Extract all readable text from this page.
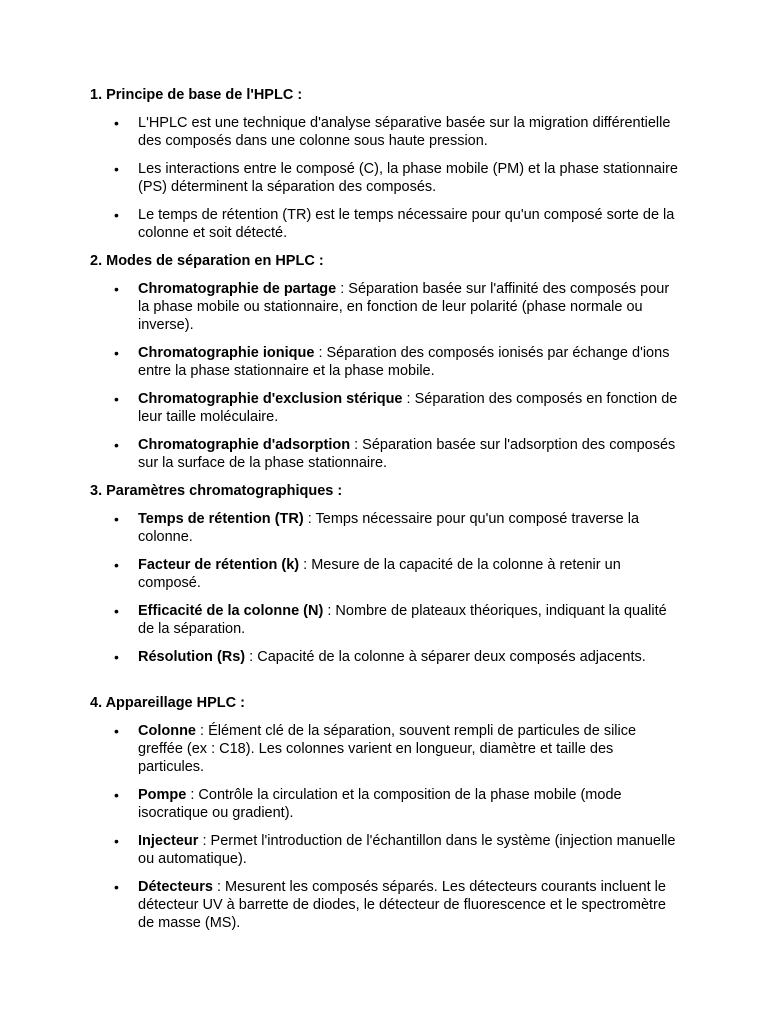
1. Principe de base de l'HPLC :
• L'HPLC est une technique d'analyse séparative basée sur la migration différentielle des composés dans une colonne sous haute pression.
• Les interactions entre le composé (C), la phase mobile (PM) et la phase stationnaire (PS) déterminent la séparation des composés.
• Le temps de rétention (TR) est le temps nécessaire pour qu'un composé sorte de la colonne et soit détecté.
2. Modes de séparation en HPLC :
• Chromatographie de partage : Séparation basée sur l'affinité des composés pour la phase mobile ou stationnaire, en fonction de leur polarité (phase normale ou inverse).
• Chromatographie ionique : Séparation des composés ionisés par échange d'ions entre la phase stationnaire et la phase mobile.
• Chromatographie d'exclusion stérique : Séparation des composés en fonction de leur taille moléculaire.
• Chromatographie d'adsorption : Séparation basée sur l'adsorption des composés sur la surface de la phase stationnaire.
3. Paramètres chromatographiques :
• Temps de rétention (TR) : Temps nécessaire pour qu'un composé traverse la colonne.
• Facteur de rétention (k) : Mesure de la capacité de la colonne à retenir un composé.
• Efficacité de la colonne (N) : Nombre de plateaux théoriques, indiquant la qualité de la séparation.
• Résolution (Rs) : Capacité de la colonne à séparer deux composés adjacents.
4. Appareillage HPLC :
• Colonne : Élément clé de la séparation, souvent rempli de particules de silice greffée (ex : C18). Les colonnes varient en longueur, diamètre et taille des particules.
• Pompe : Contrôle la circulation et la composition de la phase mobile (mode isocratique ou gradient).
• Injecteur : Permet l'introduction de l'échantillon dans le système (injection manuelle ou automatique).
• Détecteurs : Mesurent les composés séparés. Les détecteurs courants incluent le détecteur UV à barrette de diodes, le détecteur de fluorescence et le spectromètre de masse (MS).
